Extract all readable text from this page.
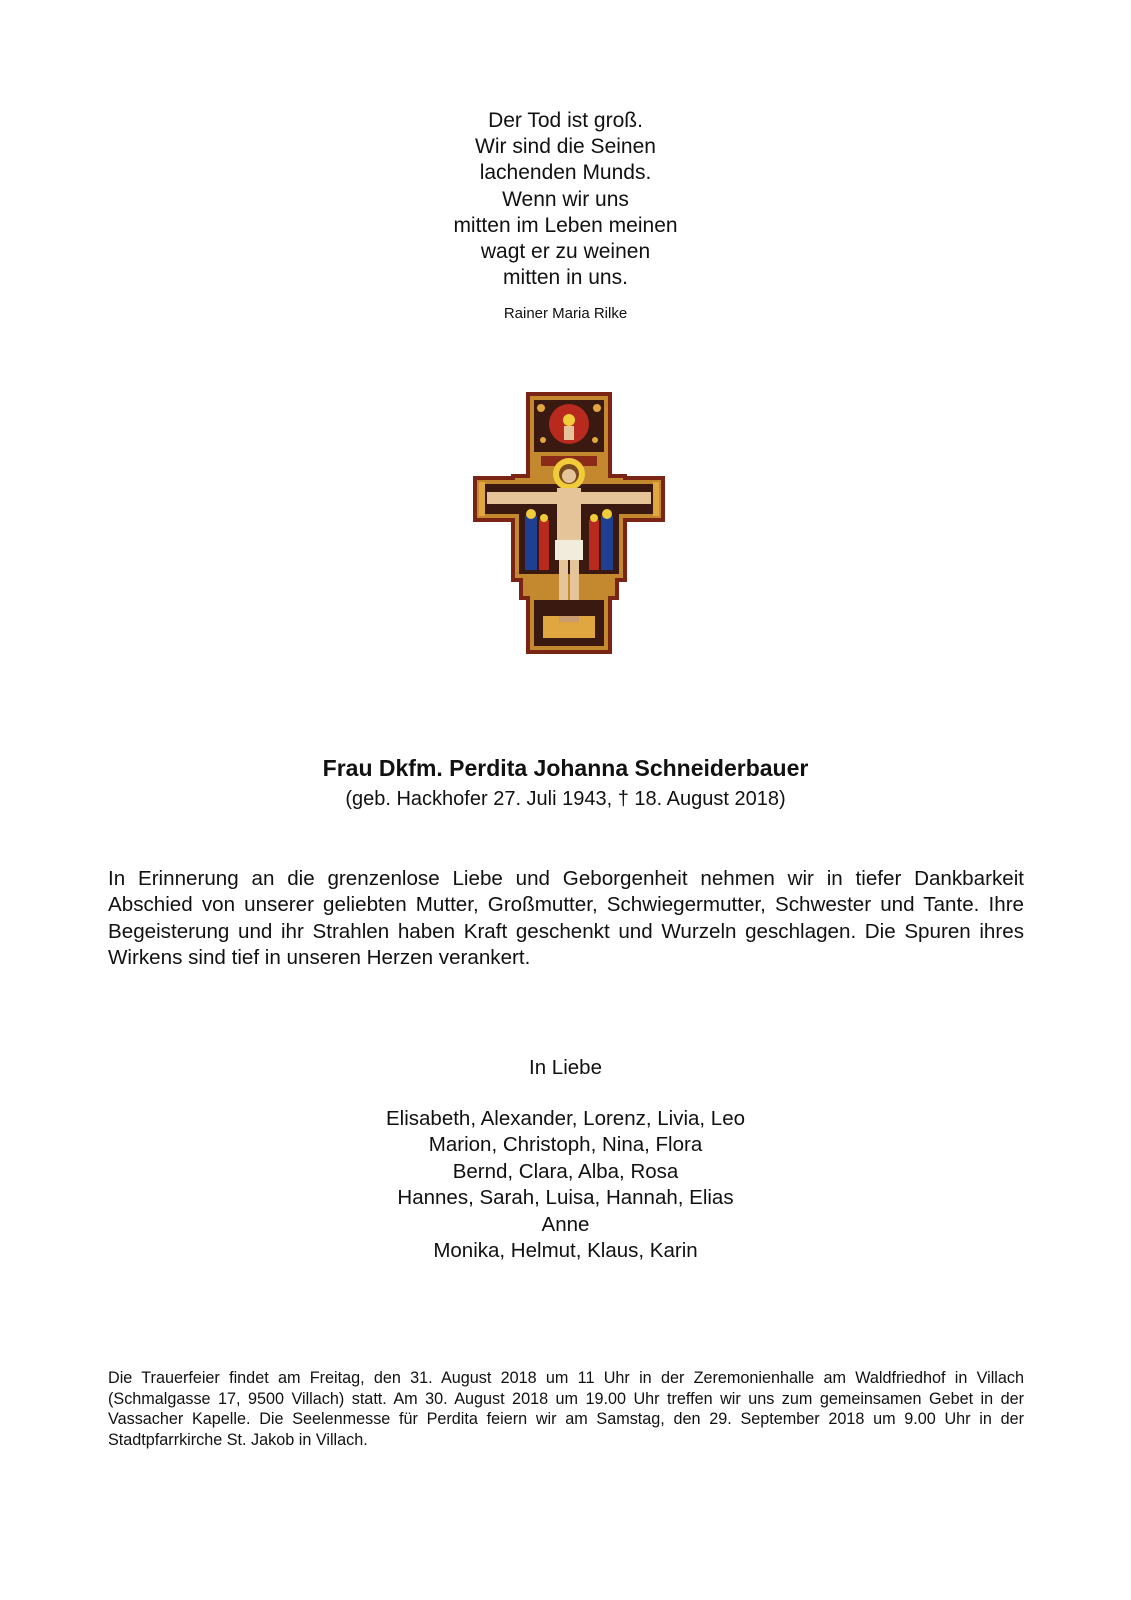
Der Tod ist groß.
Wir sind die Seinen
lachenden Munds.
Wenn wir uns
mitten im Leben meinen
wagt er zu weinen
mitten in uns.
Rainer Maria Rilke
Frau Dkfm. Perdita Johanna Schneiderbauer
(geb. Hackhofer 27. Juli 1943, † 18. August 2018)

In Erinnerung an die grenzenlose Liebe und Geborgenheit nehmen wir in tiefer Dankbarkeit Abschied von unserer geliebten Mutter, Großmutter, Schwiegermutter, Schwester und Tante. Ihre Begeisterung und ihr Strahlen haben Kraft geschenkt und Wurzeln geschlagen. Die Spuren ihres Wirkens sind tief in unseren Herzen verankert.

In Liebe
Elisabeth, Alexander, Lorenz, Livia, Leo
Marion, Christoph, Nina, Flora
Bernd, Clara, Alba, Rosa
Hannes, Sarah, Luisa, Hannah, Elias
Anne
Monika, Helmut, Klaus, Karin

Die Trauerfeier findet am Freitag, den 31. August 2018 um 11 Uhr in der Zeremonienhalle am Waldfriedhof in Villach (Schmalgasse 17, 9500 Villach) statt. Am 30. August 2018 um 19.00 Uhr treffen wir uns zum gemeinsamen Gebet in der Vassacher Kapelle. Die Seelenmesse für Perdita feiern wir am Samstag, den 29. September 2018 um 9.00 Uhr in der Stadtpfarrkirche St. Jakob in Villach.
